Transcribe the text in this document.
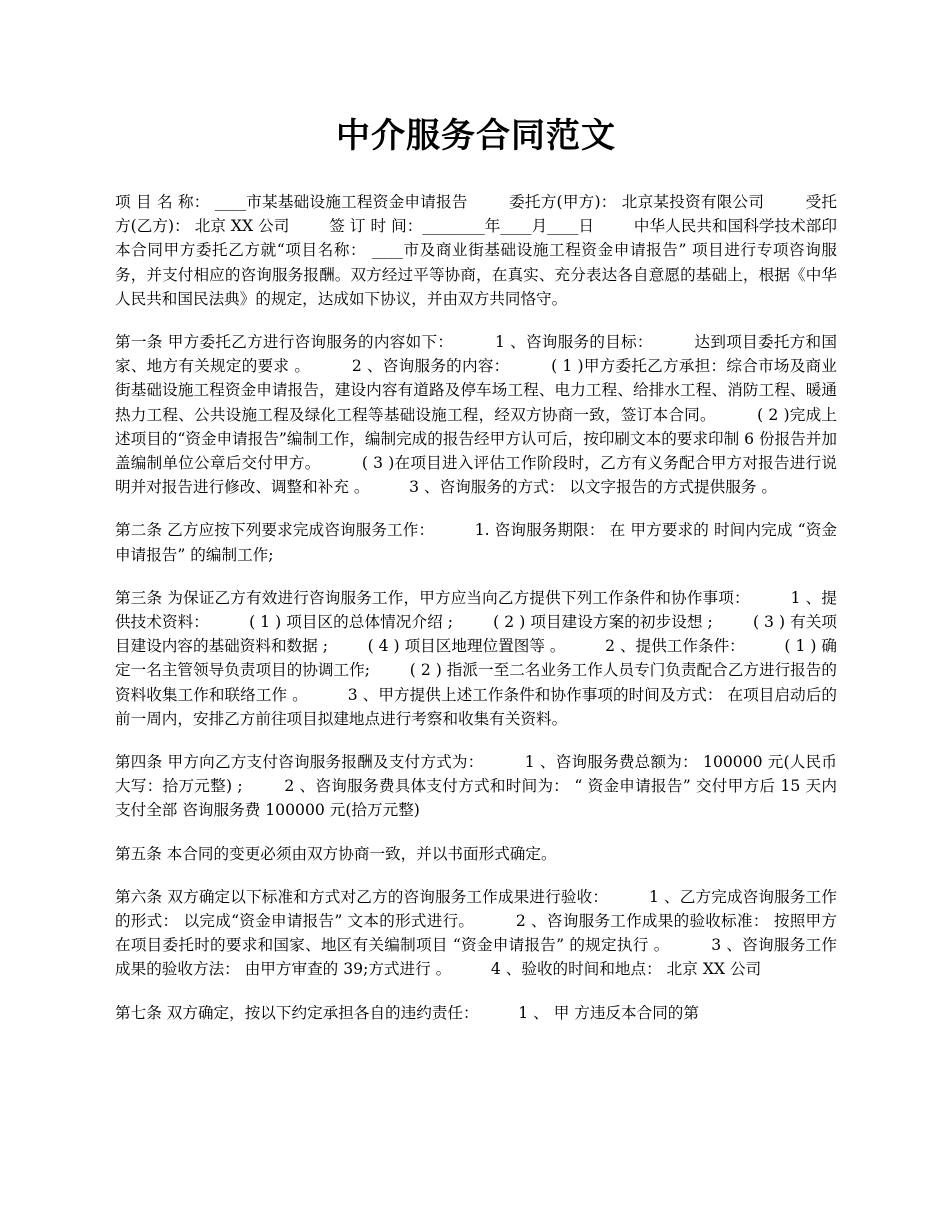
中介服务合同范文

项 目 名 称： ____市某基础设施工程资金申请报告        委托方(甲方)： 北京某投资有限公司        受托方(乙方)： 北京 XX 公司        签 订 时 间：________年____月____日        中华人民共和国科学技术部印        本合同甲方委托乙方就“项目名称： ____市及商业街基础设施工程资金申请报告” 项目进行专项咨询服务，并支付相应的咨询服务报酬。双方经过平等协商，在真实、充分表达各自意愿的基础上，根据《中华人民共和国民法典》的规定，达成如下协议，并由双方共同恪守。

第一条 甲方委托乙方进行咨询服务的内容如下：        1 、咨询服务的目标：        达到项目委托方和国家、地方有关规定的要求 。        2 、咨询服务的内容：        ( 1 )甲方委托乙方承担：综合市场及商业街基础设施工程资金申请报告，建设内容有道路及停车场工程、电力工程、给排水工程、消防工程、暖通热力工程、公共设施工程及绿化工程等基础设施工程，经双方协商一致，签订本合同。        ( 2 )完成上述项目的“资金申请报告”编制工作，编制完成的报告经甲方认可后，按印刷文本的要求印制 6 份报告并加盖编制单位公章后交付甲方。        ( 3 )在项目进入评估工作阶段时，乙方有义务配合甲方对报告进行说明并对报告进行修改、调整和补充 。        3 、咨询服务的方式： 以文字报告的方式提供服务 。

第二条 乙方应按下列要求完成咨询服务工作：        1. 咨询服务期限： 在 甲方要求的 时间内完成 “资金申请报告” 的编制工作;

第三条 为保证乙方有效进行咨询服务工作，甲方应当向乙方提供下列工作条件和协作事项：        1 、提供技术资料：        ( 1 ) 项目区的总体情况介绍 ;        ( 2 ) 项目建设方案的初步设想 ;        ( 3 ) 有关项目建设内容的基础资料和数据 ;        ( 4 ) 项目区地理位置图等 。        2 、提供工作条件：        ( 1 ) 确定一名主管领导负责项目的协调工作;        ( 2 ) 指派一至二名业务工作人员专门负责配合乙方进行报告的资料收集工作和联络工作 。        3 、甲方提供上述工作条件和协作事项的时间及方式： 在项目启动后的前一周内，安排乙方前往项目拟建地点进行考察和收集有关资料。

第四条 甲方向乙方支付咨询服务报酬及支付方式为：        1 、咨询服务费总额为： 100000 元(人民币大写：拾万元整) ;        2 、咨询服务费具体支付方式和时间为： “ 资金申请报告” 交付甲方后 15 天内支付全部 咨询服务费 100000 元(拾万元整)

第五条 本合同的变更必须由双方协商一致，并以书面形式确定。

第六条 双方确定以下标准和方式对乙方的咨询服务工作成果进行验收：        1 、乙方完成咨询服务工作的形式： 以完成“资金申请报告” 文本的形式进行。        2 、咨询服务工作成果的验收标准： 按照甲方在项目委托时的要求和国家、地区有关编制项目 “资金申请报告” 的规定执行 。        3 、咨询服务工作成果的验收方法： 由甲方审查的 39;方式进行 。        4 、验收的时间和地点： 北京 XX 公司

第七条 双方确定，按以下约定承担各自的违约责任：        1 、 甲 方违反本合同的第
